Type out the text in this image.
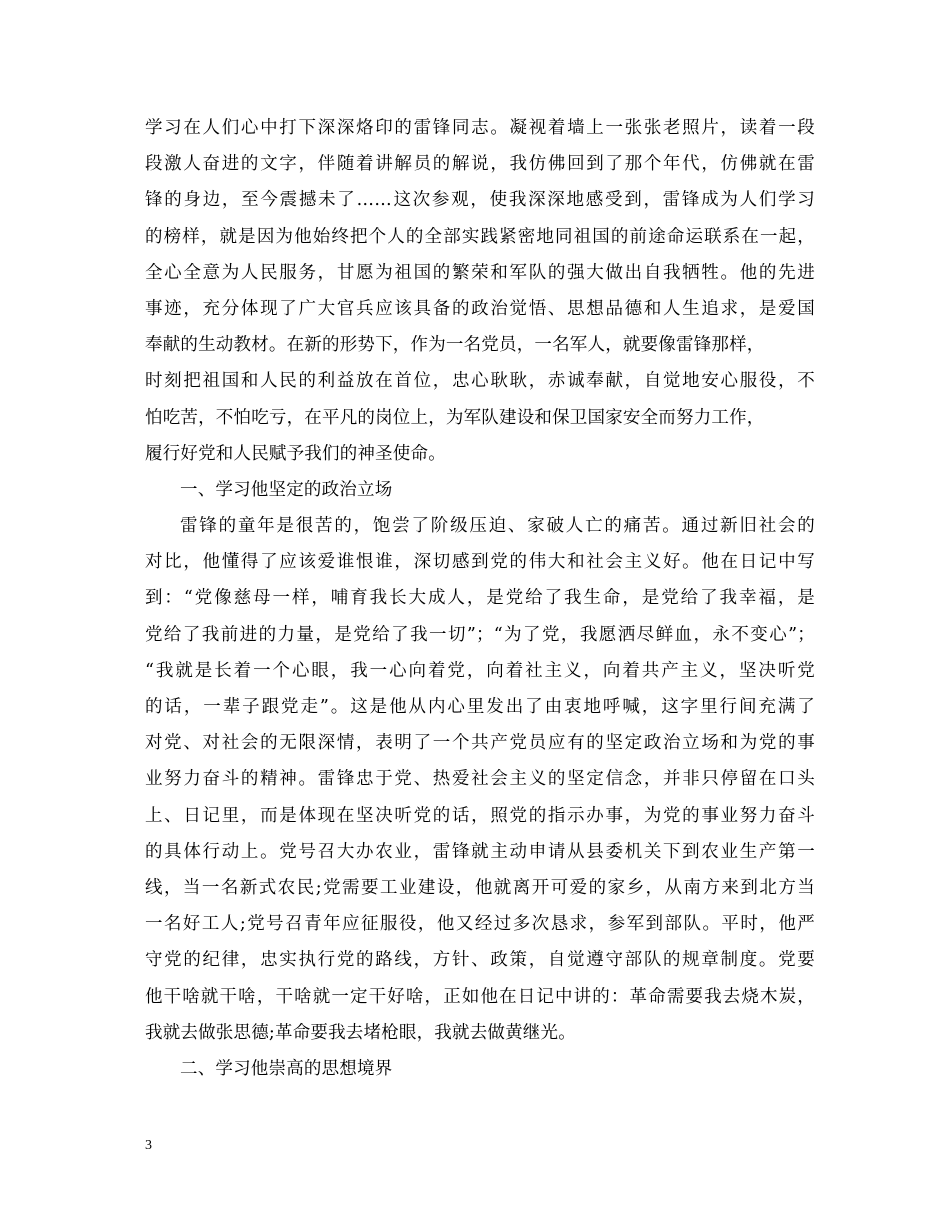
学习在人们心中打下深深烙印的雷锋同志。凝视着墙上一张张老照片，读着一段
段激人奋进的文字，伴随着讲解员的解说，我仿佛回到了那个年代，仿佛就在雷
锋的身边，至今震撼未了……这次参观，使我深深地感受到，雷锋成为人们学习
的榜样，就是因为他始终把个人的全部实践紧密地同祖国的前途命运联系在一起，
全心全意为人民服务，甘愿为祖国的繁荣和军队的强大做出自我牺牲。他的先进
事迹，充分体现了广大官兵应该具备的政治觉悟、思想品德和人生追求，是爱国
奉献的生动教材。在新的形势下，作为一名党员，一名军人，就要像雷锋那样，
时刻把祖国和人民的利益放在首位，忠心耿耿，赤诚奉献，自觉地安心服役，不
怕吃苦，不怕吃亏，在平凡的岗位上，为军队建设和保卫国家安全而努力工作，
履行好党和人民赋予我们的神圣使命。
一、学习他坚定的政治立场
雷锋的童年是很苦的，饱尝了阶级压迫、家破人亡的痛苦。通过新旧社会的
对比，他懂得了应该爱谁恨谁，深切感到党的伟大和社会主义好。他在日记中写
到：“党像慈母一样，哺育我长大成人，是党给了我生命，是党给了我幸福，是
党给了我前进的力量，是党给了我一切”；“为了党，我愿洒尽鲜血，永不变心”；
“我就是长着一个心眼，我一心向着党，向着社主义，向着共产主义，坚决听党
的话，一辈子跟党走”。这是他从内心里发出了由衷地呼喊，这字里行间充满了
对党、对社会的无限深情，表明了一个共产党员应有的坚定政治立场和为党的事
业努力奋斗的精神。雷锋忠于党、热爱社会主义的坚定信念，并非只停留在口头
上、日记里，而是体现在坚决听党的话，照党的指示办事，为党的事业努力奋斗
的具体行动上。党号召大办农业，雷锋就主动申请从县委机关下到农业生产第一
线，当一名新式农民;党需要工业建设，他就离开可爱的家乡，从南方来到北方当
一名好工人;党号召青年应征服役，他又经过多次恳求，参军到部队。平时，他严
守党的纪律，忠实执行党的路线，方针、政策，自觉遵守部队的规章制度。党要
他干啥就干啥，干啥就一定干好啥，正如他在日记中讲的：革命需要我去烧木炭，
我就去做张思德;革命要我去堵枪眼，我就去做黄继光。
二、学习他崇高的思想境界
3
